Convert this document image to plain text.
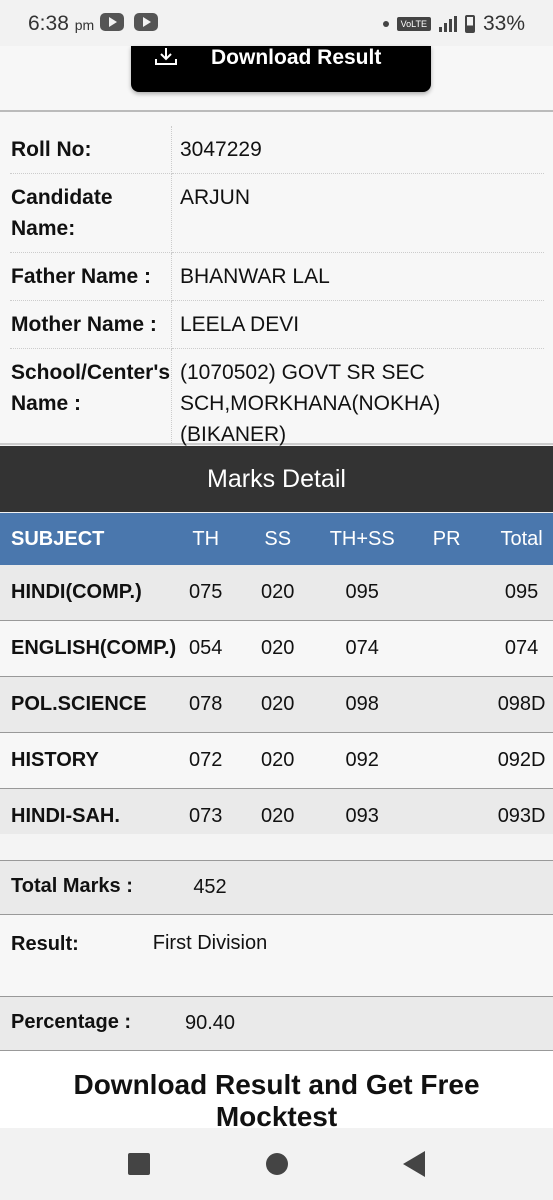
6:38 pm	VoLTE	33%
Download Result
Roll No:	3047229
Candidate Name:	ARJUN
Father Name :	BHANWAR LAL
Mother Name :	LEELA DEVI
School/Center's Name :	(1070502) GOVT SR SEC SCH,MORKHANA(NOKHA) (BIKANER)
Marks Detail
SUBJECT	TH	SS	TH+SS	PR	Total
HINDI(COMP.)	075	020	095		095
ENGLISH(COMP.)	054	020	074		074
POL.SCIENCE	078	020	098		098D
HISTORY	072	020	092		092D
HINDI-SAH.	073	020	093		093D
Total Marks :	452
Result:	First Division
Percentage :	90.40
Download Result and Get Free Mocktest
